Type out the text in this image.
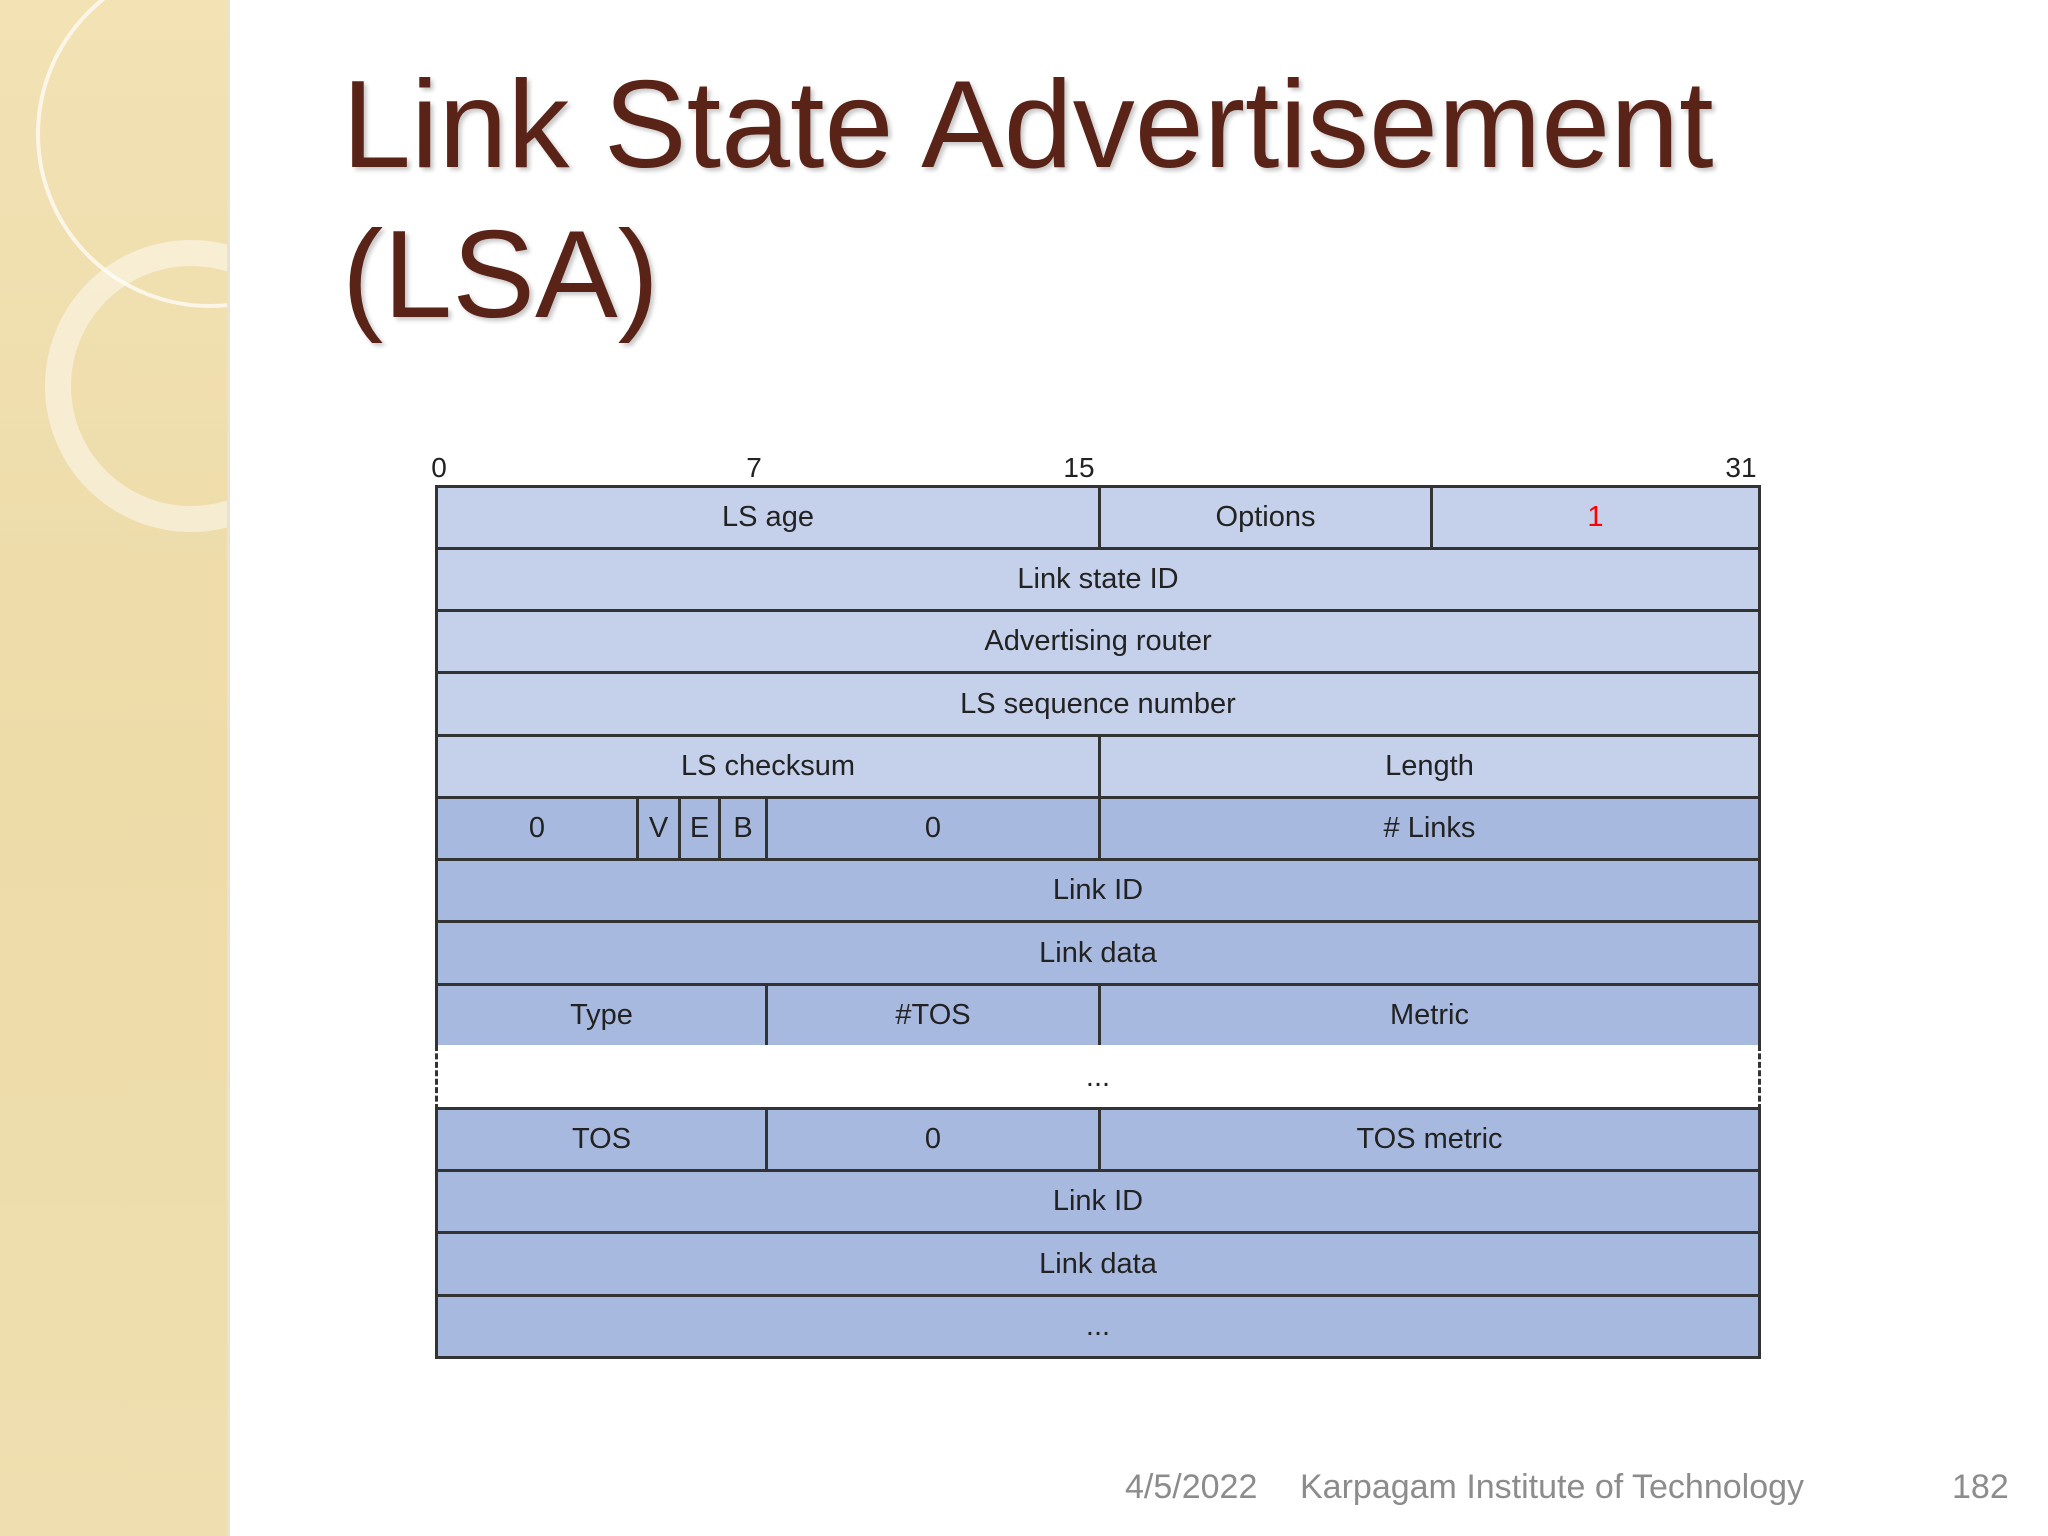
Link State Advertisement
(LSA)
0	7	15	31
LS age	Options	1
Link state ID
Advertising router
LS sequence number
LS checksum	Length
0	V E B	0	# Links
Link ID
Link data
Type	#TOS	Metric
...
TOS	0	TOS metric
Link ID
Link data
...
4/5/2022 Karpagam Institute of Technology	182
